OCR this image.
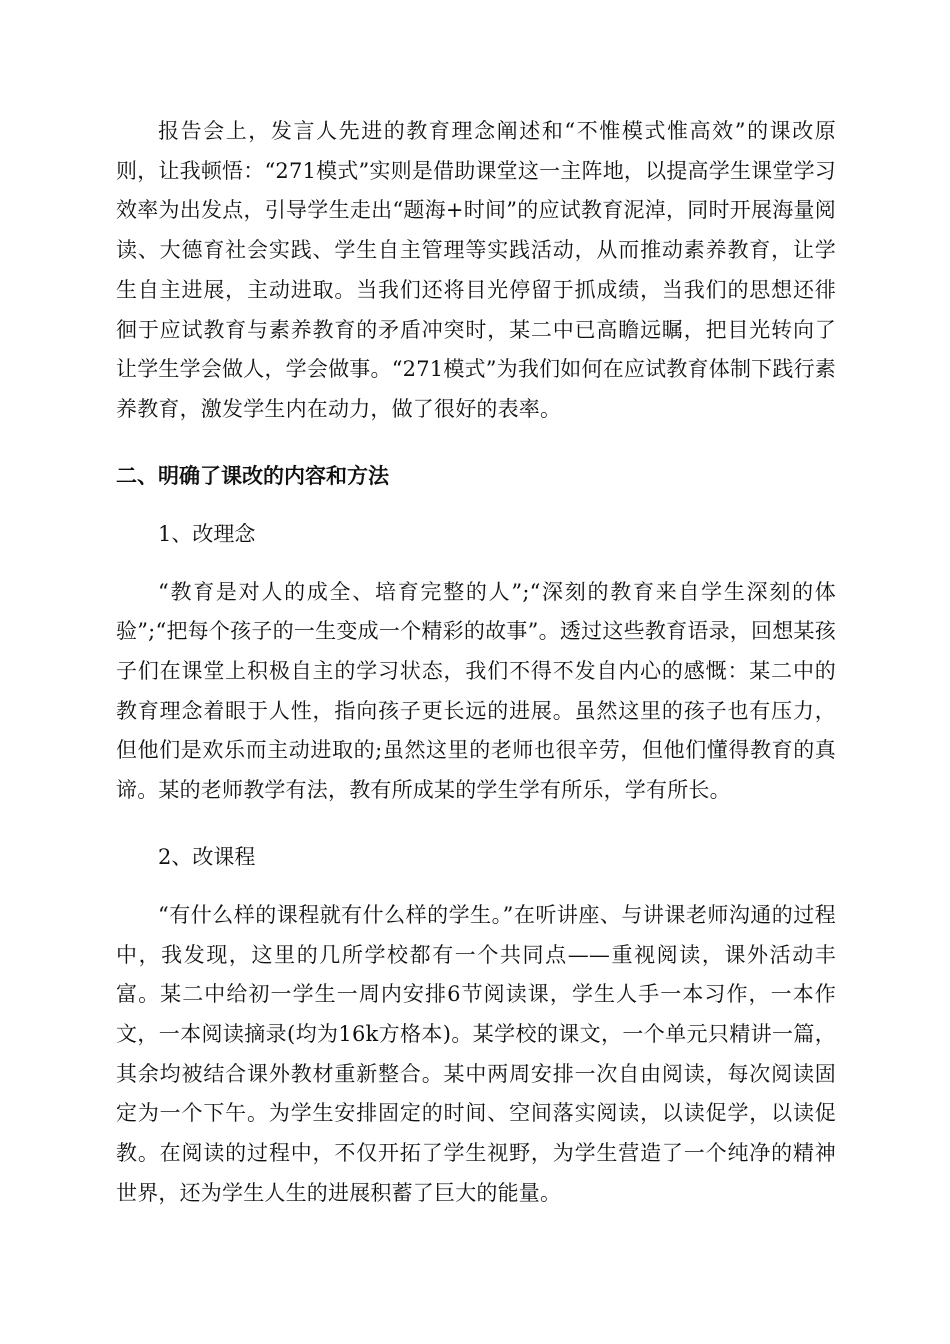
报告会上，发言人先进的教育理念阐述和“不惟模式惟高效”的课改原则，让我顿悟：“271模式”实则是借助课堂这一主阵地，以提高学生课堂学习效率为出发点，引导学生走出“题海+时间”的应试教育泥淖，同时开展海量阅读、大德育社会实践、学生自主管理等实践活动，从而推动素养教育，让学生自主进展，主动进取。当我们还将目光停留于抓成绩，当我们的思想还徘徊于应试教育与素养教育的矛盾冲突时，某二中已高瞻远瞩，把目光转向了让学生学会做人，学会做事。“271模式”为我们如何在应试教育体制下践行素养教育，激发学生内在动力，做了很好的表率。

二、明确了课改的内容和方法

1、改理念

“教育是对人的成全、培育完整的人”;“深刻的教育来自学生深刻的体验”;“把每个孩子的一生变成一个精彩的故事”。透过这些教育语录，回想某孩子们在课堂上积极自主的学习状态，我们不得不发自内心的感慨：某二中的教育理念着眼于人性，指向孩子更长远的进展。虽然这里的孩子也有压力，但他们是欢乐而主动进取的;虽然这里的老师也很辛劳，但他们懂得教育的真谛。某的老师教学有法，教有所成某的学生学有所乐，学有所长。

2、改课程

“有什么样的课程就有什么样的学生。”在听讲座、与讲课老师沟通的过程中，我发现，这里的几所学校都有一个共同点——重视阅读，课外活动丰富。某二中给初一学生一周内安排6节阅读课，学生人手一本习作，一本作文，一本阅读摘录(均为16k方格本)。某学校的课文，一个单元只精讲一篇，其余均被结合课外教材重新整合。某中两周安排一次自由阅读，每次阅读固定为一个下午。为学生安排固定的时间、空间落实阅读，以读促学，以读促教。在阅读的过程中，不仅开拓了学生视野，为学生营造了一个纯净的精神世界，还为学生人生的进展积蓄了巨大的能量。
